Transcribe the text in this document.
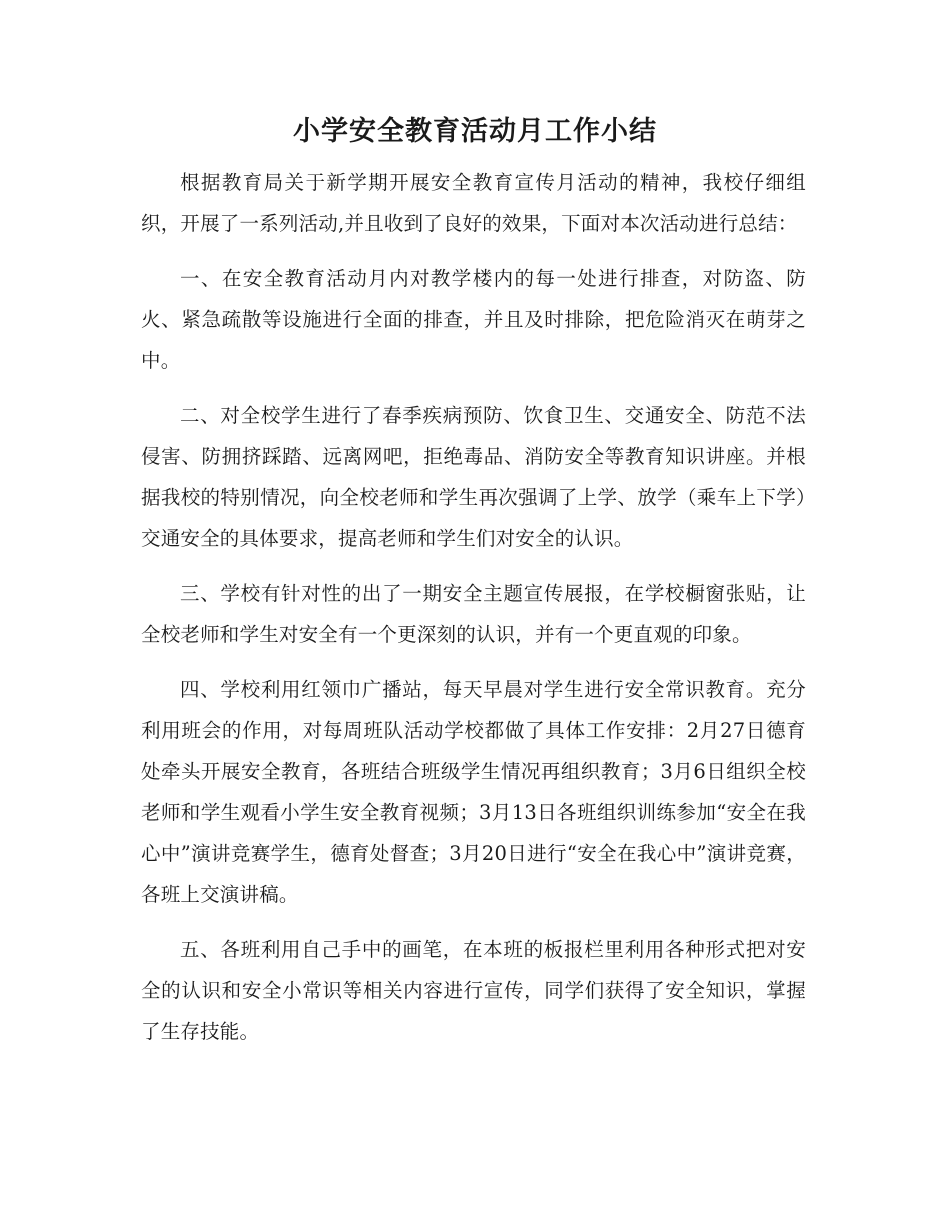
小学安全教育活动月工作小结

根据教育局关于新学期开展安全教育宣传月活动的精神，我校仔细组织，开展了一系列活动,并且收到了良好的效果，下面对本次活动进行总结：

一、在安全教育活动月内对教学楼内的每一处进行排查，对防盗、防火、紧急疏散等设施进行全面的排查，并且及时排除，把危险消灭在萌芽之中。

二、对全校学生进行了春季疾病预防、饮食卫生、交通安全、防范不法侵害、防拥挤踩踏、远离网吧，拒绝毒品、消防安全等教育知识讲座。并根据我校的特别情况，向全校老师和学生再次强调了上学、放学（乘车上下学）交通安全的具体要求，提高老师和学生们对安全的认识。

三、学校有针对性的出了一期安全主题宣传展报，在学校橱窗张贴，让全校老师和学生对安全有一个更深刻的认识，并有一个更直观的印象。

四、学校利用红领巾广播站，每天早晨对学生进行安全常识教育。充分利用班会的作用，对每周班队活动学校都做了具体工作安排：2月27日德育处牵头开展安全教育，各班结合班级学生情况再组织教育；3月6日组织全校老师和学生观看小学生安全教育视频；3月13日各班组织训练参加“安全在我心中”演讲竞赛学生，德育处督查；3月20日进行“安全在我心中”演讲竞赛，各班上交演讲稿。

五、各班利用自己手中的画笔，在本班的板报栏里利用各种形式把对安全的认识和安全小常识等相关内容进行宣传，同学们获得了安全知识，掌握了生存技能。
